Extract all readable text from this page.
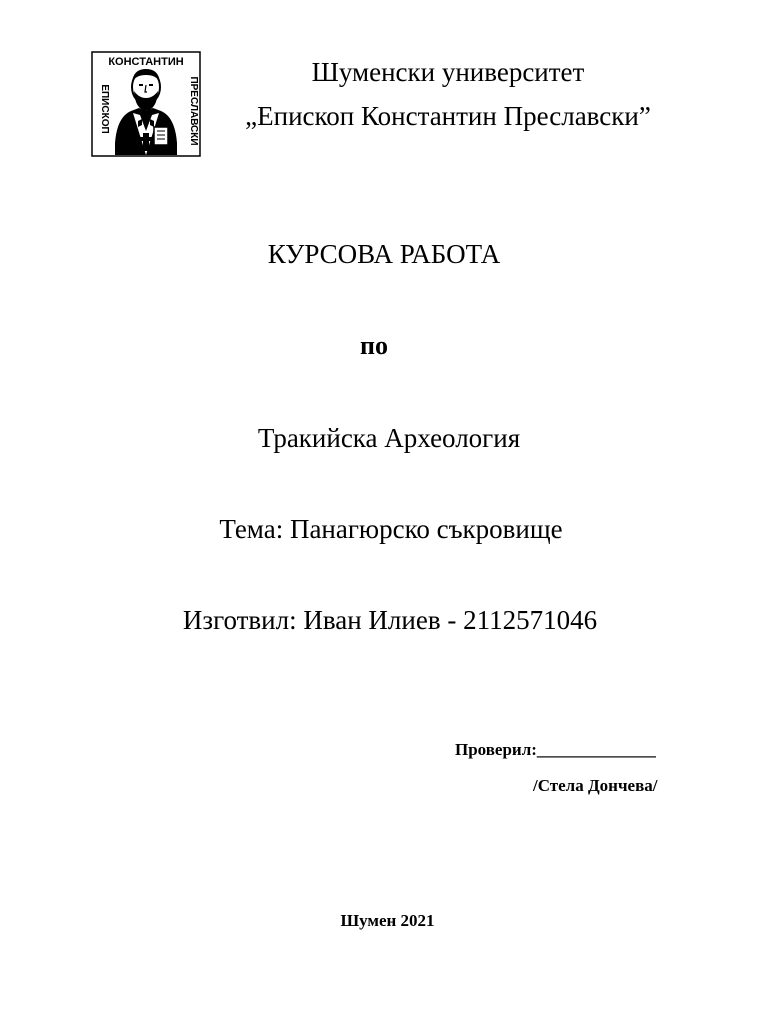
КОНСТАНТИН
ЕПИСКОП	ПРЕСЛАВСКИ
Шуменски университет
„Епископ Константин Преславски”
КУРСОВА РАБОТА
по
Тракийска Археология
Тема: Панагюрско съкровище
Изготвил: Иван Илиев - 2112571046
Проверил:______________
/Стела Дончева/
Шумен 2021
